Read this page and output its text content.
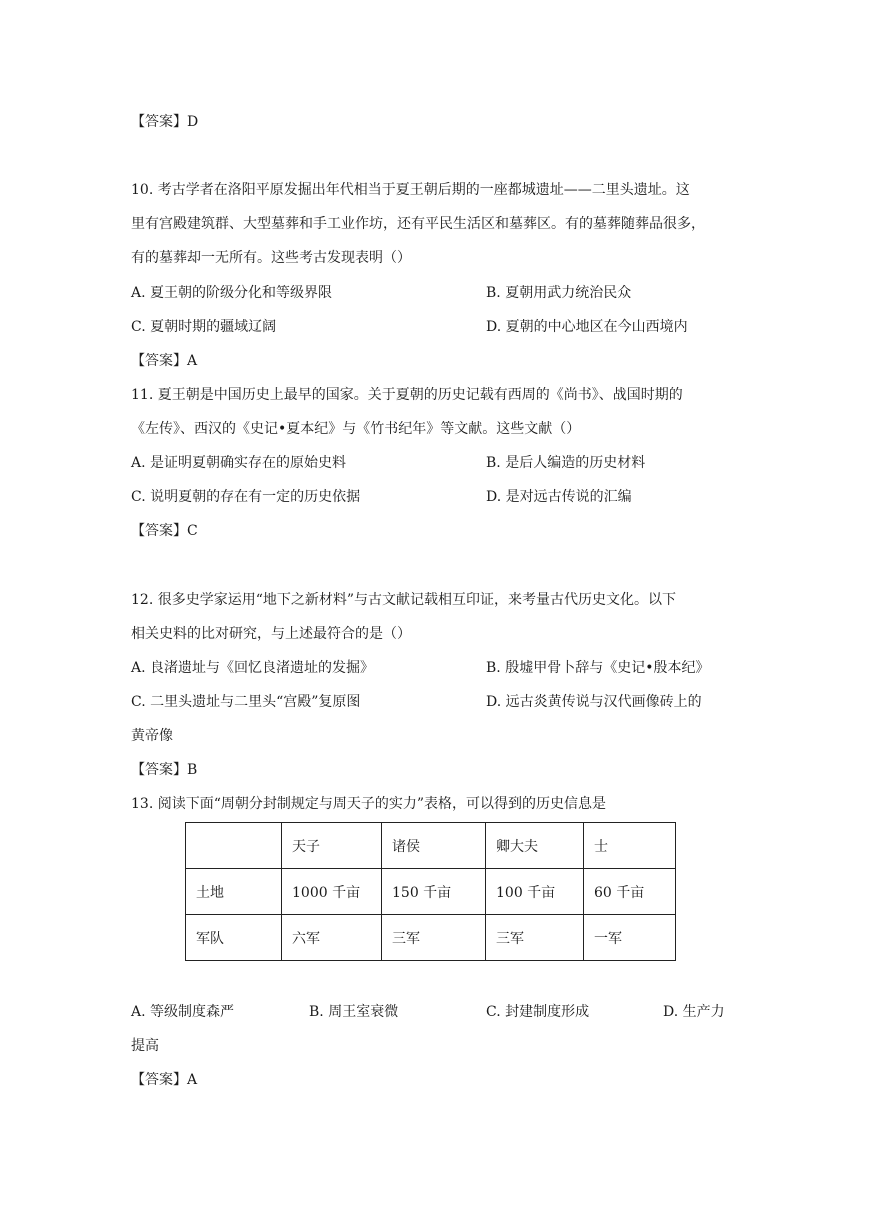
【答案】D
10. 考古学者在洛阳平原发掘出年代相当于夏王朝后期的一座都城遗址——二里头遗址。这
里有宫殿建筑群、大型墓葬和手工业作坊，还有平民生活区和墓葬区。有的墓葬随葬品很多，
有的墓葬却一无所有。这些考古发现表明（）
A. 夏王朝的阶级分化和等级界限	B. 夏朝用武力统治民众
C. 夏朝时期的疆域辽阔	D. 夏朝的中心地区在今山西境内
【答案】A
11. 夏王朝是中国历史上最早的国家。关于夏朝的历史记载有西周的《尚书》、战国时期的
《左传》、西汉的《史记•夏本纪》与《竹书纪年》等文献。这些文献（）
A. 是证明夏朝确实存在的原始史料	B. 是后人编造的历史材料
C. 说明夏朝的存在有一定的历史依据	D. 是对远古传说的汇编
【答案】C
12. 很多史学家运用“地下之新材料”与古文献记载相互印证，来考量古代历史文化。以下
相关史料的比对研究，与上述最符合的是（）
A. 良渚遗址与《回忆良渚遗址的发掘》	B. 殷墟甲骨卜辞与《史记•殷本纪》
C. 二里头遗址与二里头“宫殿”复原图	D. 远古炎黄传说与汉代画像砖上的
黄帝像
【答案】B
13. 阅读下面“周朝分封制规定与周天子的实力”表格，可以得到的历史信息是
	天子	诸侯	卿大夫	士
土地	1000 千亩	150 千亩	100 千亩	60 千亩
军队	六军	三军	三军	一军
A. 等级制度森严	B. 周王室衰微	C. 封建制度形成	D. 生产力
提高
【答案】A
